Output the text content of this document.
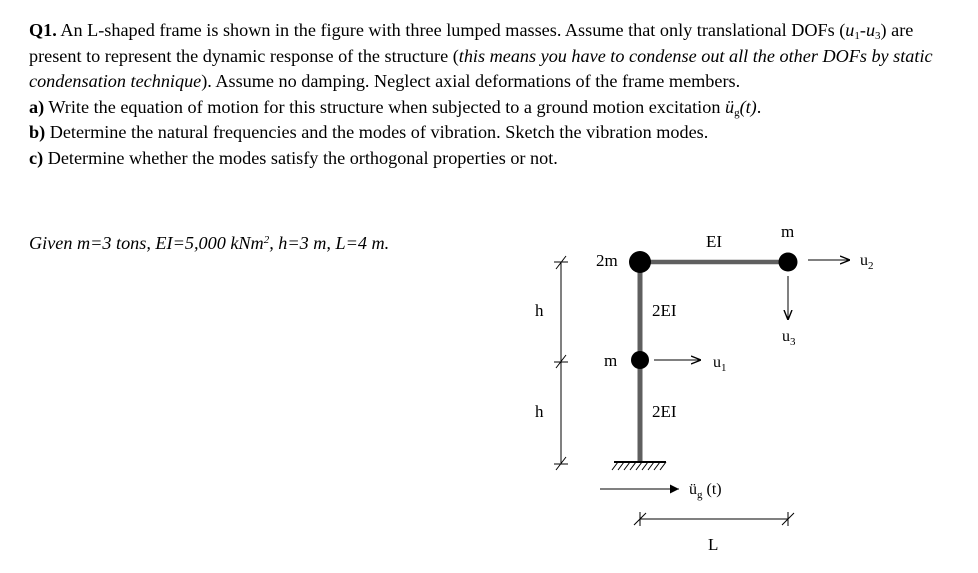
Q1. An L-shaped frame is shown in the figure with three lumped masses. Assume that only translational DOFs $(u_1-u_3)$ are present to represent the dynamic response of the structure (this means you have to condense out all the other DOFs by static condensation technique). Assume no damping. Neglect axial deformations of the frame members.

a) Write the equation of motion for this structure when subjected to a ground motion excitation $ü_g(t)$.

b) Determine the natural frequencies and the modes of vibration. Sketch the vibration modes.

c) Determine whether the modes satisfy the orthogonal properties or not.

Given m=3 tons, EI=5,000 kNm$^2$, h=3 m, L=4 m.
2m
m
m
EI
2EI
2EI
h
h
L
$u_2$
$u_3$
$u_1$
$ü_g$ (t)
